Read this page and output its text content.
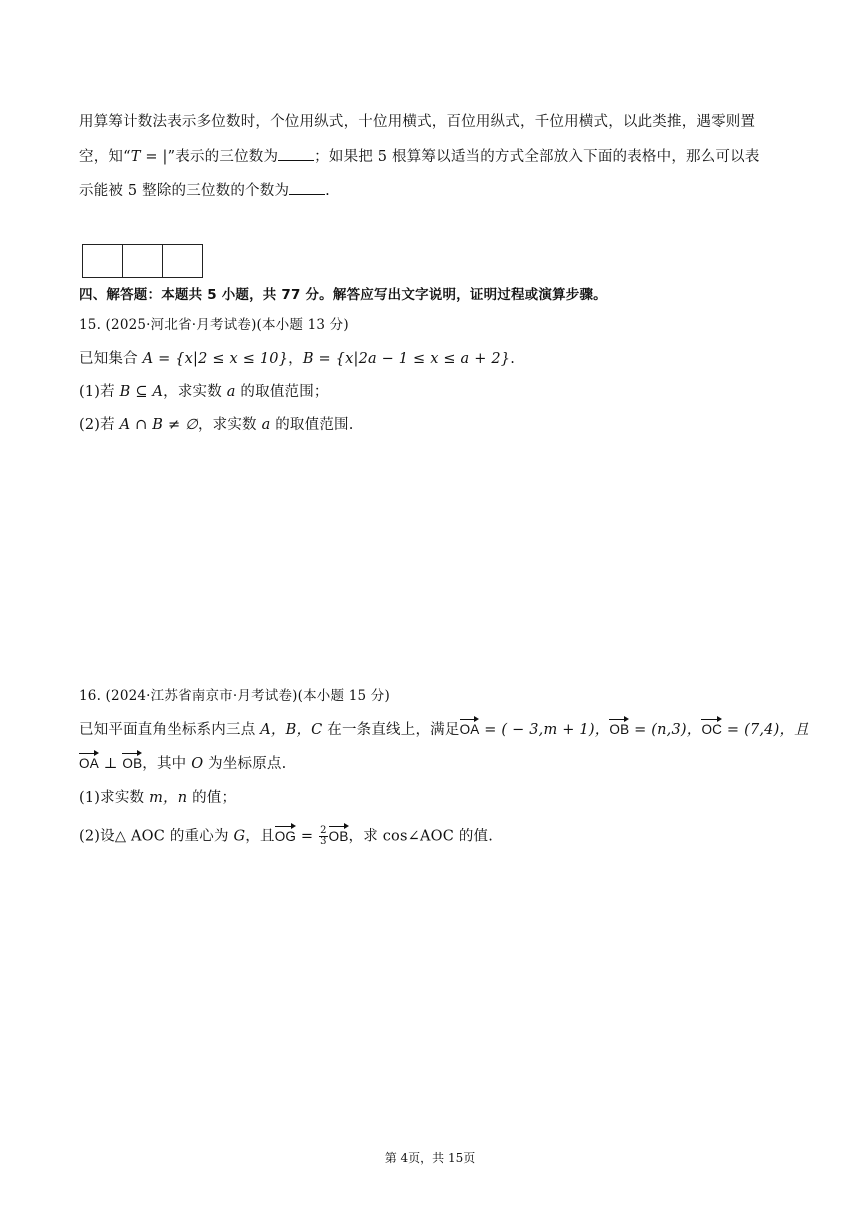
用算筹计数法表示多位数时，个位用纵式，十位用横式，百位用纵式，千位用横式，以此类推，遇零则置
空，知“T = |”表示的三位数为 ；如果把 5 根算筹以适当的方式全部放入下面的表格中，那么可以表
示能被 5 整除的三位数的个数为 .
四、解答题：本题共 5 小题，共 77 分。解答应写出文字说明，证明过程或演算步骤。
15. (2025·河北省·月考试卷)(本小题 13 分)
已知集合 A = {x|2 ≤ x ≤ 10}，B = {x|2a − 1 ≤ x ≤ a + 2}.
(1)若 B ⊆ A，求实数 a 的取值范围；
(2)若 A ∩ B ≠ ∅，求实数 a 的取值范围.
16. (2024·江苏省南京市·月考试卷)(本小题 15 分)
已知平面直角坐标系内三点 A，B，C 在一条直线上，满足OA = ( − 3,m + 1)，OB = (n,3)，OC = (7,4)，且
OA ⊥ OB，其中 O 为坐标原点.
(1)求实数 m，n 的值；
(2)设△ AOC 的重心为 G，且OG = $\frac{2}{3}$ OB，求 cos∠AOC 的值.
第 4页，共 15页
